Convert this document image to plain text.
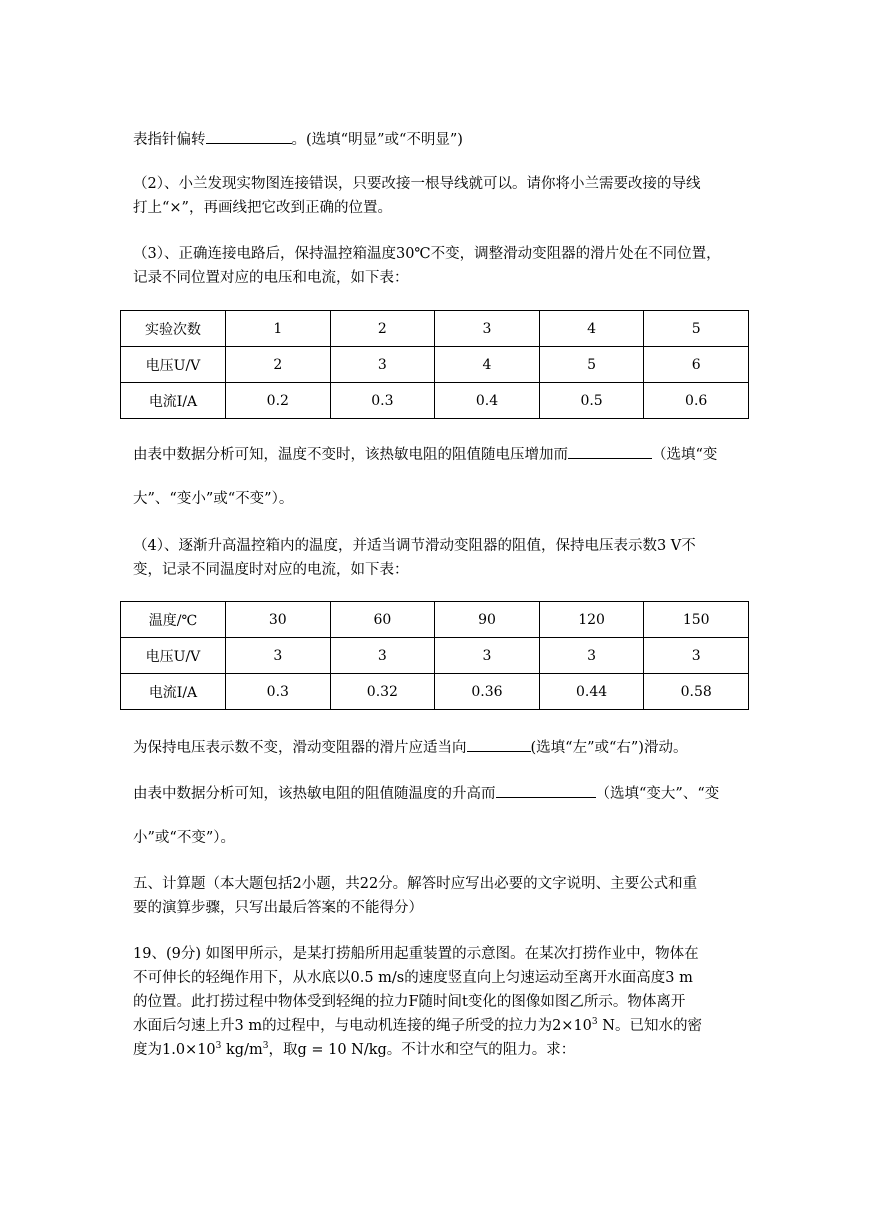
表指针偏转	。(选填“明显”或“不明显”)
（2）、小兰发现实物图连接错误，只要改接一根导线就可以。请你将小兰需要改接的导线
打上“×”，再画线把它改到正确的位置。
（3）、正确连接电路后，保持温控箱温度30℃不变，调整滑动变阻器的滑片处在不同位置，
记录不同位置对应的电压和电流，如下表：
实验次数	1	2	3	4	5
电压U/V	2	3	4	5	6
电流I/A	0.2	0.3	0.4	0.5	0.6
由表中数据分析可知，温度不变时，该热敏电阻的阻值随电压增加而	（选填“变
大”、“变小”或“不变”）。
（4）、逐渐升高温控箱内的温度，并适当调节滑动变阻器的阻值，保持电压表示数3 V不
变，记录不同温度时对应的电流，如下表：
温度/℃	30	60	90	120	150
电压U/V	3	3	3	3	3
电流I/A	0.3	0.32	0.36	0.44	0.58
为保持电压表示数不变，滑动变阻器的滑片应适当向	(选填“左”或“右”)滑动。
由表中数据分析可知，该热敏电阻的阻值随温度的升高而	（选填“变大”、“变
小”或“不变”）。
五、计算题（本大题包括2小题，共22分。解答时应写出必要的文字说明、主要公式和重
要的演算步骤，只写出最后答案的不能得分）
19、(9分) 如图甲所示，是某打捞船所用起重装置的示意图。在某次打捞作业中，物体在
不可伸长的轻绳作用下，从水底以0.5 m/s的速度竖直向上匀速运动至离开水面高度3 m
的位置。此打捞过程中物体受到轻绳的拉力F随时间t变化的图像如图乙所示。物体离开
水面后匀速上升3 m的过程中，与电动机连接的绳子所受的拉力为$2\times 10^3$ N。已知水的密
度为$1.0\times 10^3$ $kg/m^3$，取g = 10 N/kg。不计水和空气的阻力。求：
